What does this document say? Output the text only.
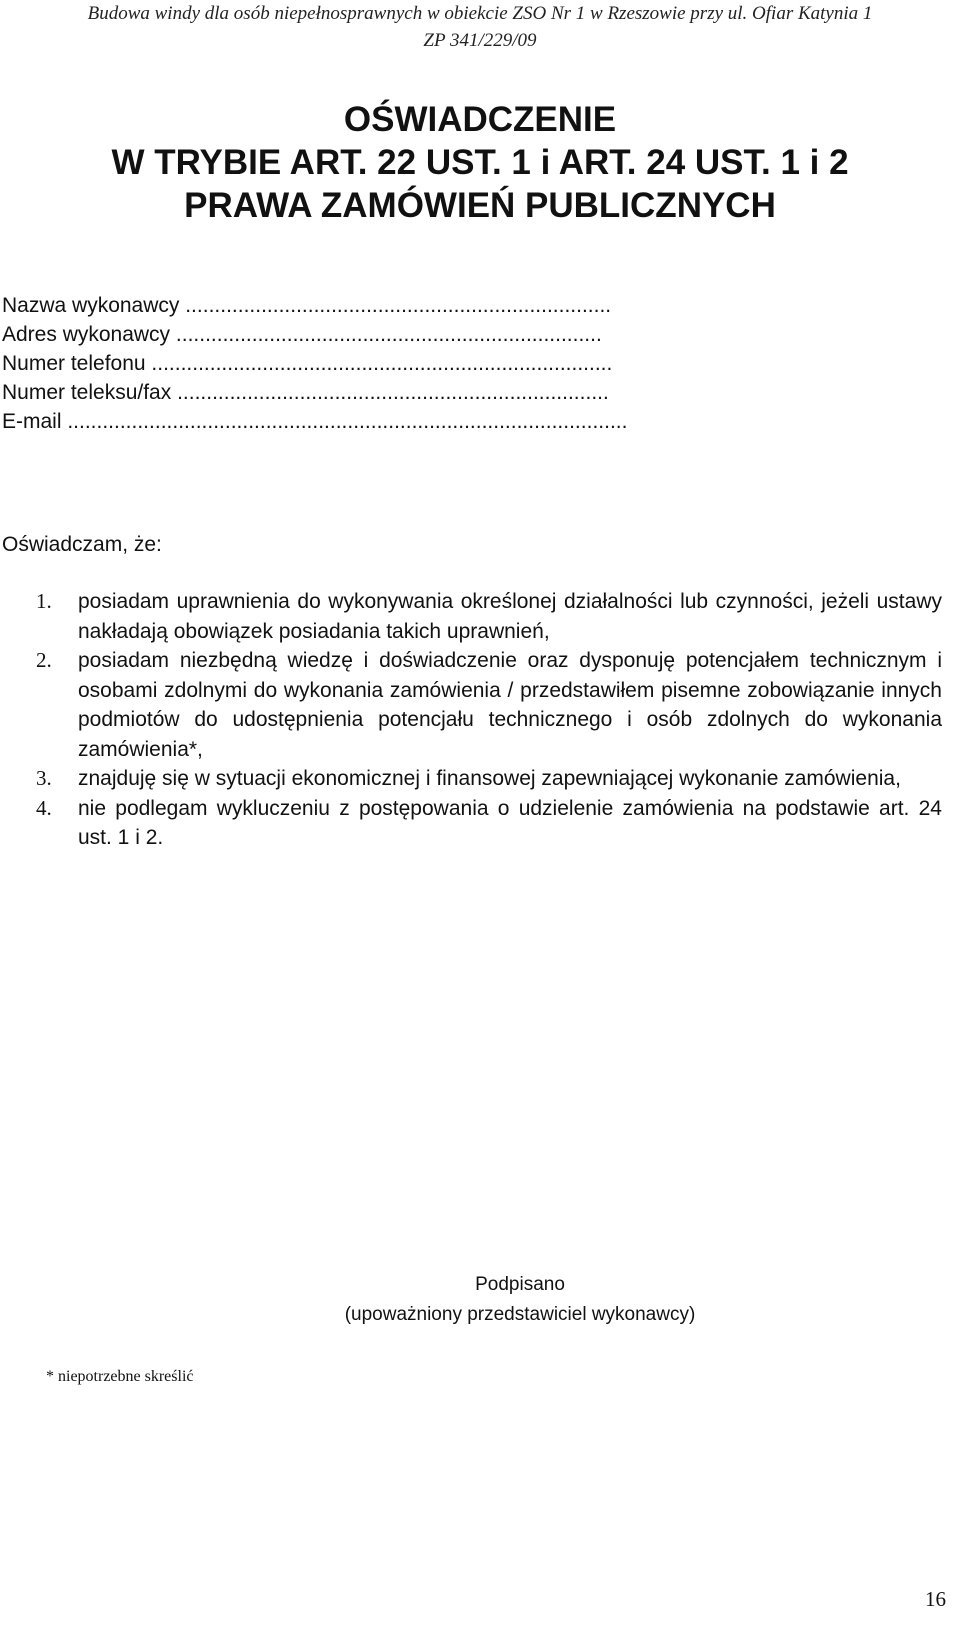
Budowa windy dla osób niepełnosprawnych w obiekcie ZSO Nr 1 w Rzeszowie przy ul. Ofiar Katynia 1
ZP 341/229/09
OŚWIADCZENIE
W TRYBIE ART. 22 UST. 1 i ART. 24 UST. 1 i 2
PRAWA ZAMÓWIEŃ PUBLICZNYCH
Nazwa wykonawcy .........................................................................
Adres wykonawcy .........................................................................
Numer telefonu ...............................................................................
Numer teleksu/fax ..........................................................................
E-mail ................................................................................................
Oświadczam, że:
1.	posiadam uprawnienia do wykonywania określonej działalności lub czynności, jeżeli ustawy nakładają obowiązek posiadania takich uprawnień,
2.	posiadam niezbędną wiedzę i doświadczenie oraz dysponuję potencjałem technicznym i osobami zdolnymi do wykonania zamówienia / przedstawiłem pisemne zobowiązanie innych podmiotów do udostępnienia potencjału technicznego i osób zdolnych do wykonania zamówienia*,
3.	znajduję się w sytuacji ekonomicznej i finansowej zapewniającej wykonanie zamówienia,
4.	nie podlegam wykluczeniu z postępowania o udzielenie zamówienia na podstawie art. 24 ust. 1 i 2.
Podpisano
(upoważniony przedstawiciel wykonawcy)
* niepotrzebne skreślić
16
